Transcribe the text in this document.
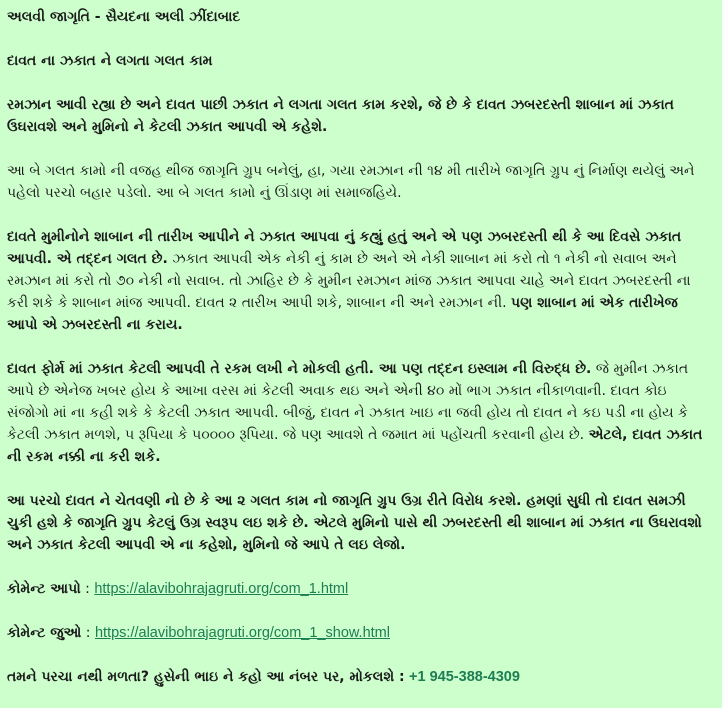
અલવી જાગૃતિ - સૈયદના અલી ઝીંદાબાદ

દાવત ના ઝકાત ને લગતા ગલત કામ

રમઝાન આવી રહ્યા છે અને દાવત પાછી ઝકાત ને લગતા ગલત કામ કરશે, જે છે કે દાવત ઝબરદસ્તી શાબાન માં ઝકાત ઉઘરાવશે અને મુમિનો ને કેટલી ઝકાત આપવી એ કહેશે.

આ બે ગલત કામો ની વજહ થીજ જાગૃતિ ગ્રુપ બનેલું, હા, ગયા રમઝાન ની ૧૪ મી તારીખે જાગૃતિ ગ્રુપ નું નિર્માણ થયેલું અને પહેલો પરચો બહાર પડેલો. આ બે ગલત કામો નું ઊંડાણ માં સમાજહિયે.

દાવતે મુમીનોને શાબાન ની તારીખ આપીને ને ઝકાત આપવા નું કહ્યું હતું અને એ પણ ઝબરદસ્તી થી કે આ દિવસે ઝકાત આપવી. એ તદ્દન ગલત છે. ઝકાત આપવી એક નેકી નું કામ છે અને એ નેકી શાબાન માં કરો તો ૧ નેકી નો સવાબ અને રમઝાન માં કરો તો ૭૦ નેકી નો સવાબ. તો ઝાહિર છે કે મુમીન રમઝાન માંજ ઝકાત આપવા ચાહે અને દાવત ઝબરદસ્તી ના કરી શકે કે શાબાન માંજ આપવી. દાવત ૨ તારીખ આપી શકે, શાબાન ની અને રમઝાન ની. પણ શાબાન માં એક તારીખેજ આપો એ ઝબરદસ્તી ના કરાય.

દાવત ફોર્મ માં ઝકાત કેટલી આપવી તે રકમ લખી ને મોકલી હતી. આ પણ તદ્દન ઇસ્લામ ની વિરુદ્ધ છે. જે મુમીન ઝકાત આપે છે એનેજ ખબર હોય કે આખા વરસ માં કેટલી અવાક થઇ અને એની ૪૦ મોં ભાગ ઝકાત નીકાળવાની. દાવત કોઇ સંજોગો માં ના કહી શકે કે કેટલી ઝકાત આપવી. બીજું, દાવત ને ઝકાત ખાઇ ના જવી હોય તો દાવત ને કઇ પડી ના હોય કે કેટલી ઝકાત મળશે, ૫ રૂપિયા કે ૫૦૦૦૦ રૂપિયા. જે પણ આવશે તે જમાત માં પહોંચતી કરવાની હોય છે. એટલે, દાવત ઝકાત ની રકમ નક્કી ના કરી શકે.

આ પરચો દાવત ને ચેતવણી નો છે કે આ ૨ ગલત કામ નો જાગૃતિ ગ્રુપ ઉગ્ર રીતે વિરોધ કરશે. હમણાં સુધી તો દાવત સમઝી ચુકી હશે કે જાગૃતિ ગ્રુપ કેટલું ઉગ્ર સ્વરૂપ લઇ શકે છે. એટલે મુમિનો પાસે થી ઝબરદસ્તી થી શાબાન માં ઝકાત ના ઉઘરાવશો અને ઝકાત કેટલી આપવી એ ના કહેશો, મુમિનો જે આપે તે લઇ લેજો.

કોમેન્ટ આપો : https://alavibohrajagruti.org/com_1.html

કોમેન્ટ જુઓ : https://alavibohrajagruti.org/com_1_show.html

તમને પરચા નથી મળતા? હુસેની ભાઇ ને કહો આ નંબર પર, મોકલશે : +1 945-388-4309
